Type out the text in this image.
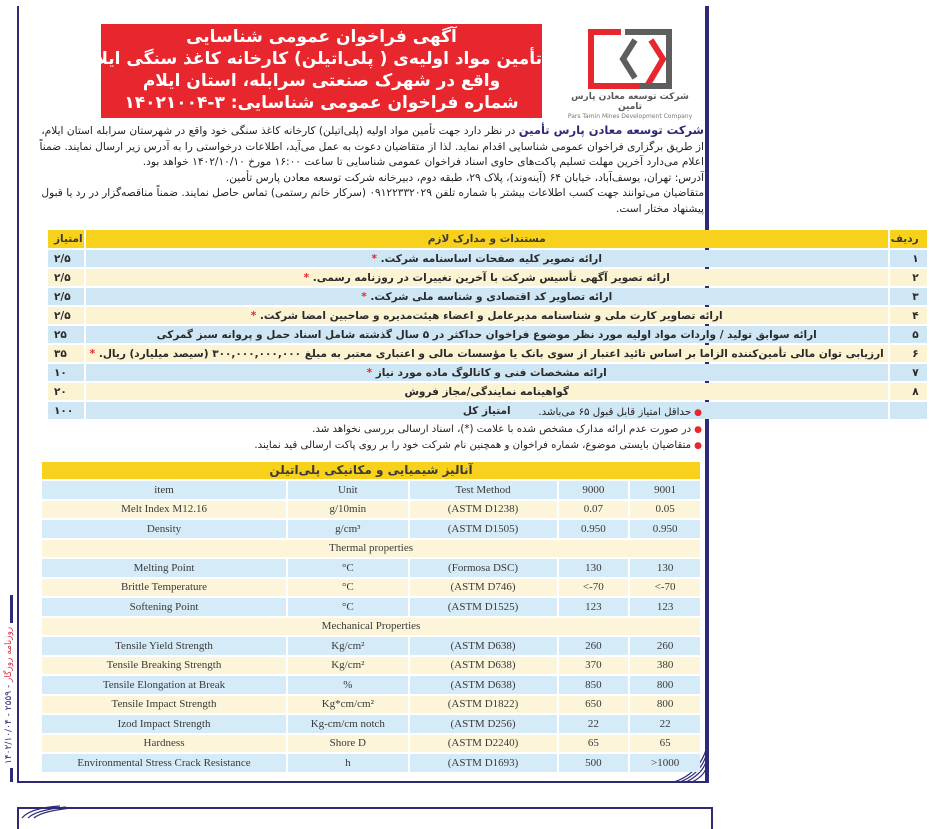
۱۴۰۲/۱۰/۰۴ - ۲۵۵۹ - روزنامه روزگار
آگهی فراخوان عمومی شناسایی
تأمین مواد اولیه‌ی ( پلی‌اتیلن) کارخانه کاغذ سنگی ایلام
واقع در شهرک صنعتی سرابله، استان ایلام
شماره فراخوان عمومی شناسایی: ۳-۱۴۰۲۱۰۰۴	شرکت توسعه معادن پارس تامین
Pars Tamin Mines Development Company
شرکت توسعه معادن پارس تأمین در نظر دارد جهت تأمین مواد اولیه (پلی‌اتیلن) کارخانه کاغذ سنگی خود واقع در شهرستان سرابله استان ایلام، از طریق برگزاری فراخوان عمومی شناسایی اقدام نماید. لذا از متقاضیان دعوت به عمل می‌آید، اطلاعات درخواستی را به آدرس زیر ارسال نمایند. ضمناً اعلام می‌دارد آخرین مهلت تسلیم پاکت‌های حاوی اسناد فراخوان عمومی شناسایی تا ساعت ۱۶:۰۰ مورخ ۱۴۰۲/۱۰/۱۰ خواهد بود.
آدرس: تهران، یوسف‌آباد، خیابان ۶۴ (آینه‌وند)، پلاک ۲۹، طبقه دوم، دبیرخانه شرکت توسعه معادن پارس تأمین.
متقاضیان می‌توانند جهت کسب اطلاعات بیشتر با شماره تلفن ۰۹۱۲۲۳۳۲۰۲۹ (سرکار خانم رستمی) تماس حاصل نمایند. ضمناً مناقصه‌گزار در رد یا قبول پیشنهاد مختار است.
ردیف	مستندات و مدارک لازم	امتیاز
۱	ارائه تصویر کلیه صفحات اساسنامه شرکت. *	۲/۵
۲	ارائه تصویر آگهی تأسیس شرکت با آخرین تغییرات در روزنامه رسمی. *	۲/۵
۳	ارائه تصاویر کد اقتصادی و شناسه ملی شرکت. *	۲/۵
۴	ارائه تصاویر کارت ملی و شناسنامه مدیرعامل و اعضاء هیئت‌مدیره و صاحبین امضا شرکت. *	۲/۵
۵	ارائه سوابق تولید / واردات مواد اولیه مورد نظر موضوع فراخوان حداکثر در ۵ سال گذشته شامل اسناد حمل و پروانه سبز گمرکی	۲۵
۶	ارزیابی توان مالی تأمین‌کننده الزاما بر اساس تائید اعتبار از سوی بانک یا مؤسسات مالی و اعتباری معتبر به مبلغ ۳۰۰,۰۰۰,۰۰۰,۰۰۰ (سیصد میلیارد) ریال. *	۳۵
۷	ارائه مشخصات فنی و کاتالوگ ماده مورد نیاز *	۱۰
۸	گواهینامه نمایندگی/مجاز فروش	۲۰
	امتیاز کل	۱۰۰	●حداقل امتیاز قابل قبول ۶۵ می‌باشد.
●در صورت عدم ارائه مدارک مشخص شده با علامت (*)، اسناد ارسالی بررسی نخواهد شد.
●متقاضیان بایستی موضوع، شماره فراخوان و همچنین نام شرکت خود را بر روی پاکت ارسالی قید نمایند.
آنالیز شیمیایی و مکانیکی پلی‌اتیلن
item	Unit	Test Method	9000	9001
Melt Index M12.16	g/10min	(ASTM D1238)	0.07	0.05
Density	g/cm³	(ASTM D1505)	0.950	0.950
Thermal properties				
Melting Point	°C	(Formosa DSC)	130	130
Brittle Temperature	°C	(ASTM D746)	<-70	<-70
Softening Point	°C	(ASTM D1525)	123	123
Mechanical Properties				
Tensile Yield Strength	Kg/cm²	(ASTM D638)	260	260
Tensile Breaking Strength	Kg/cm²	(ASTM D638)	370	380
Tensile Elongation at Break	%	(ASTM D638)	850	800
Tensile Impact Strength	Kg*cm/cm²	(ASTM D1822)	650	800
Izod Impact Strength	Kg-cm/cm notch	(ASTM D256)	22	22
Hardness	Shore D	(ASTM D2240)	65	65
Environmental Stress Crack Resistance	h	(ASTM D1693)	500	>1000
